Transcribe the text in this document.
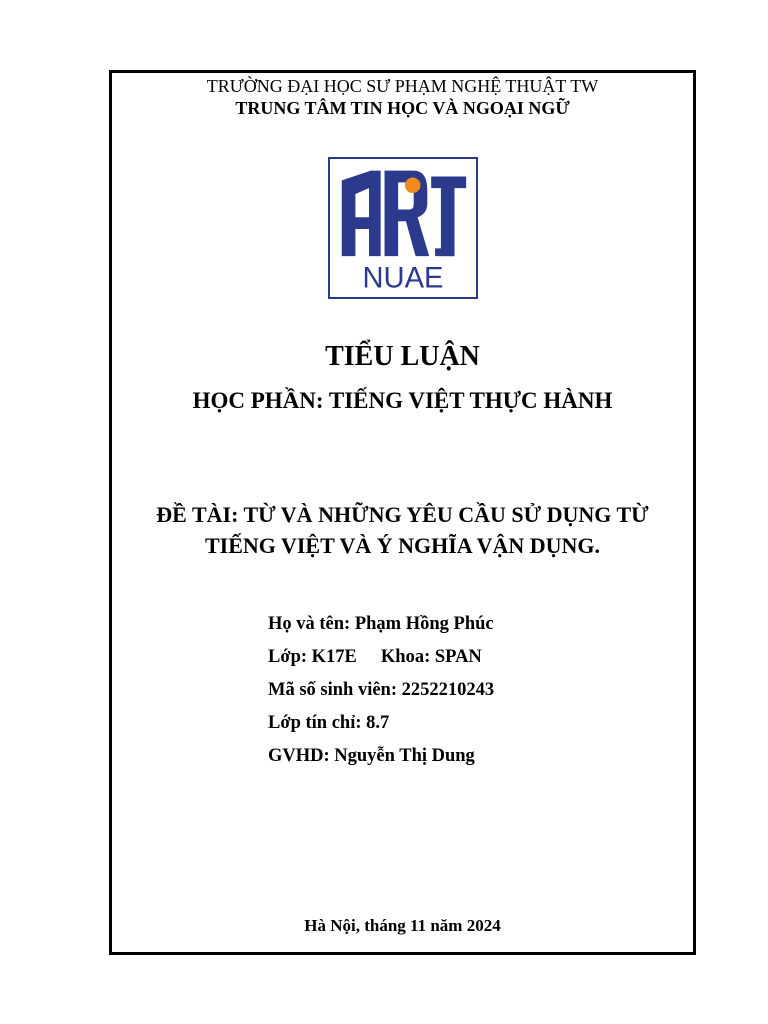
TRƯỜNG ĐẠI HỌC SƯ PHẠM NGHỆ THUẬT TW
TRUNG TÂM TIN HỌC VÀ NGOẠI NGỮ
NUAE
TIỂU LUẬN
HỌC PHẦN: TIẾNG VIỆT THỰC HÀNH
ĐỀ TÀI: TỪ VÀ NHỮNG YÊU CẦU SỬ DỤNG TỪ
TIẾNG VIỆT VÀ Ý NGHĨA VẬN DỤNG.
Họ và tên: Phạm Hồng Phúc
Lớp: K17E Khoa: SPAN
Mã số sinh viên: 2252210243
Lớp tín chỉ: 8.7
GVHD: Nguyễn Thị Dung
Hà Nội, tháng 11 năm 2024
